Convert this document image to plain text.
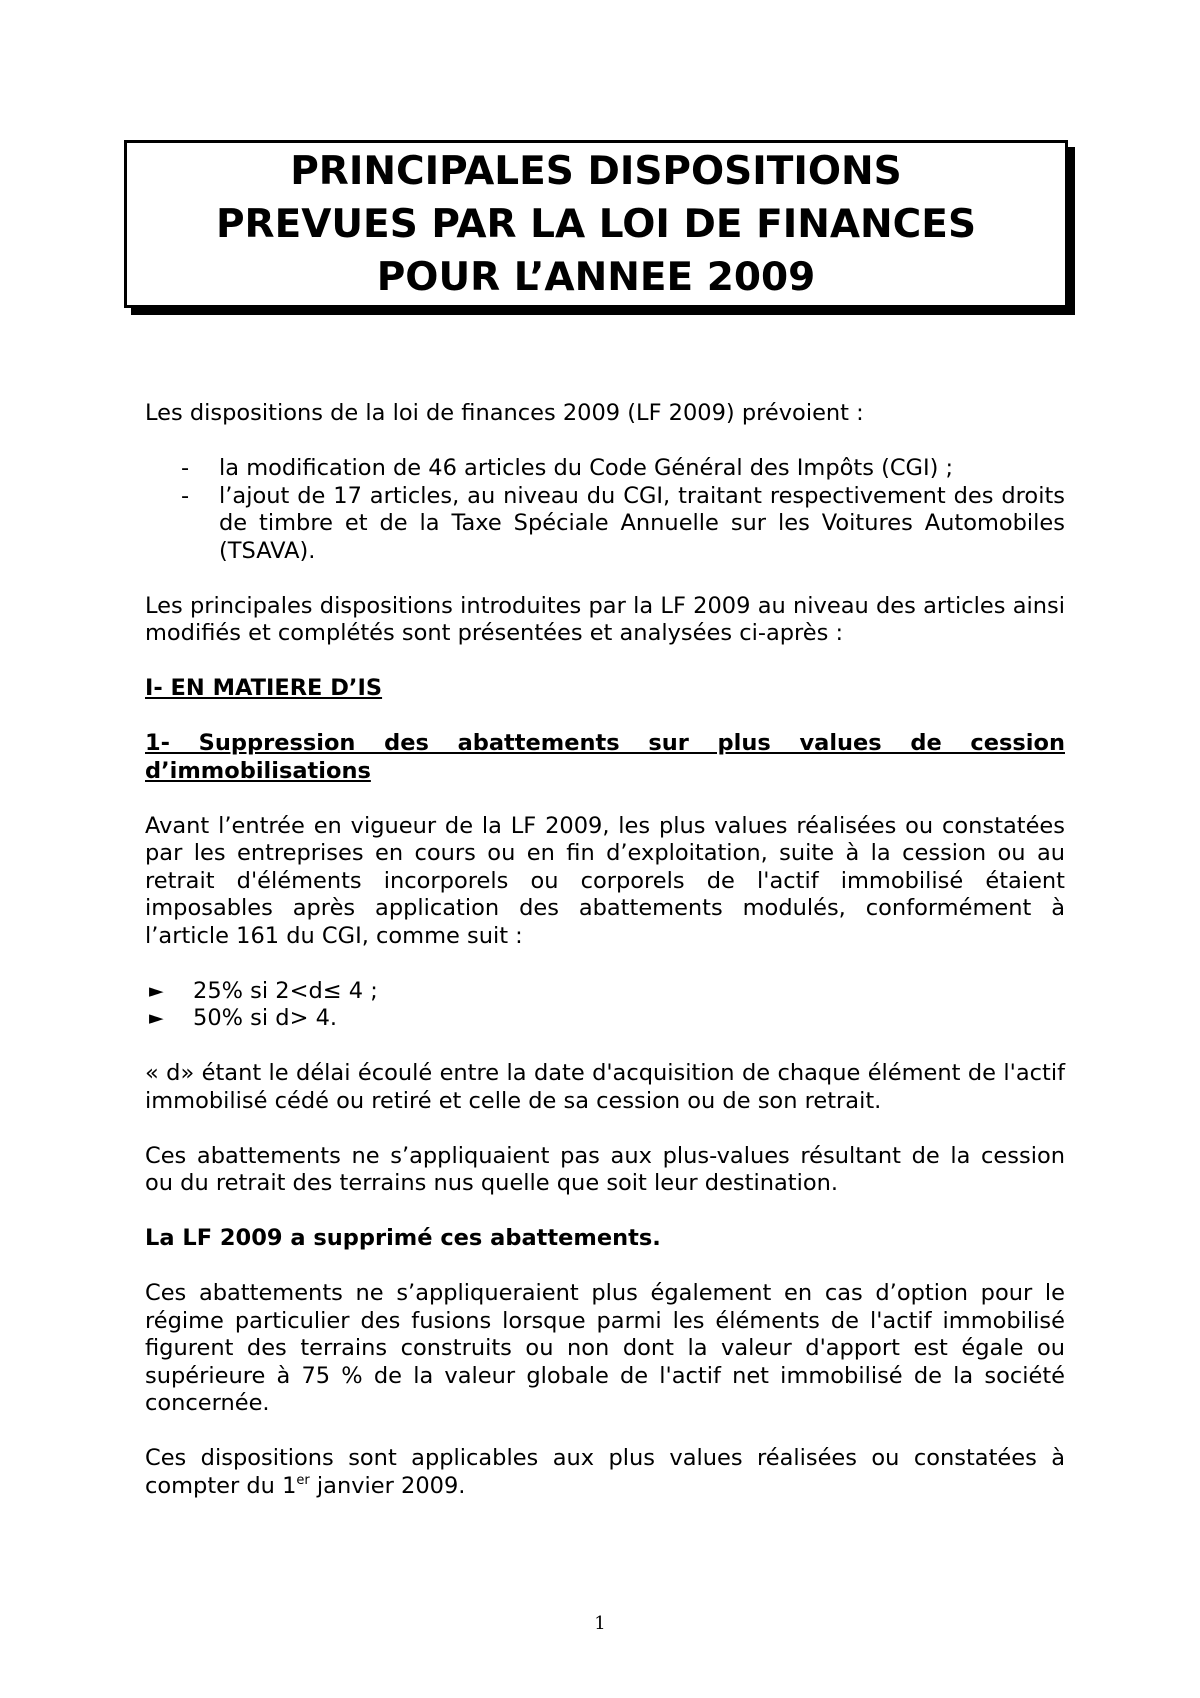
PRINCIPALES DISPOSITIONS
PREVUES PAR LA LOI DE FINANCES
POUR L’ANNEE 2009

Les dispositions de la loi de finances 2009 (LF 2009) prévoient :

- la modification de 46 articles du Code Général des Impôts (CGI) ;
- l’ajout de 17 articles, au niveau du CGI, traitant respectivement des droits de timbre et de la Taxe Spéciale Annuelle sur les Voitures Automobiles (TSAVA).

Les principales dispositions introduites par la LF 2009 au niveau des articles ainsi modifiés et complétés sont présentées et analysées ci-après :

I- EN MATIERE D’IS

1- Suppression des abattements sur plus values de cession d’immobilisations

Avant l’entrée en vigueur de la LF 2009, les plus values réalisées ou constatées par les entreprises en cours ou en fin d’exploitation, suite à la cession ou au retrait d'éléments incorporels ou corporels de l'actif immobilisé étaient imposables après application des abattements modulés, conformément à l’article 161 du CGI, comme suit :

► 25% si 2<d≤ 4 ;
► 50% si d> 4.

« d» étant le délai écoulé entre la date d'acquisition de chaque élément de l'actif immobilisé cédé ou retiré et celle de sa cession ou de son retrait.

Ces abattements ne s’appliquaient pas aux plus-values résultant de la cession ou du retrait des terrains nus quelle que soit leur destination.

La LF 2009 a supprimé ces abattements.

Ces abattements ne s’appliqueraient plus également en cas d’option pour le régime particulier des fusions lorsque parmi les éléments de l'actif immobilisé figurent des terrains construits ou non dont la valeur d'apport est égale ou supérieure à 75 % de la valeur globale de l'actif net immobilisé de la société concernée.

Ces dispositions sont applicables aux plus values réalisées ou constatées à compter du 1er janvier 2009.

1
